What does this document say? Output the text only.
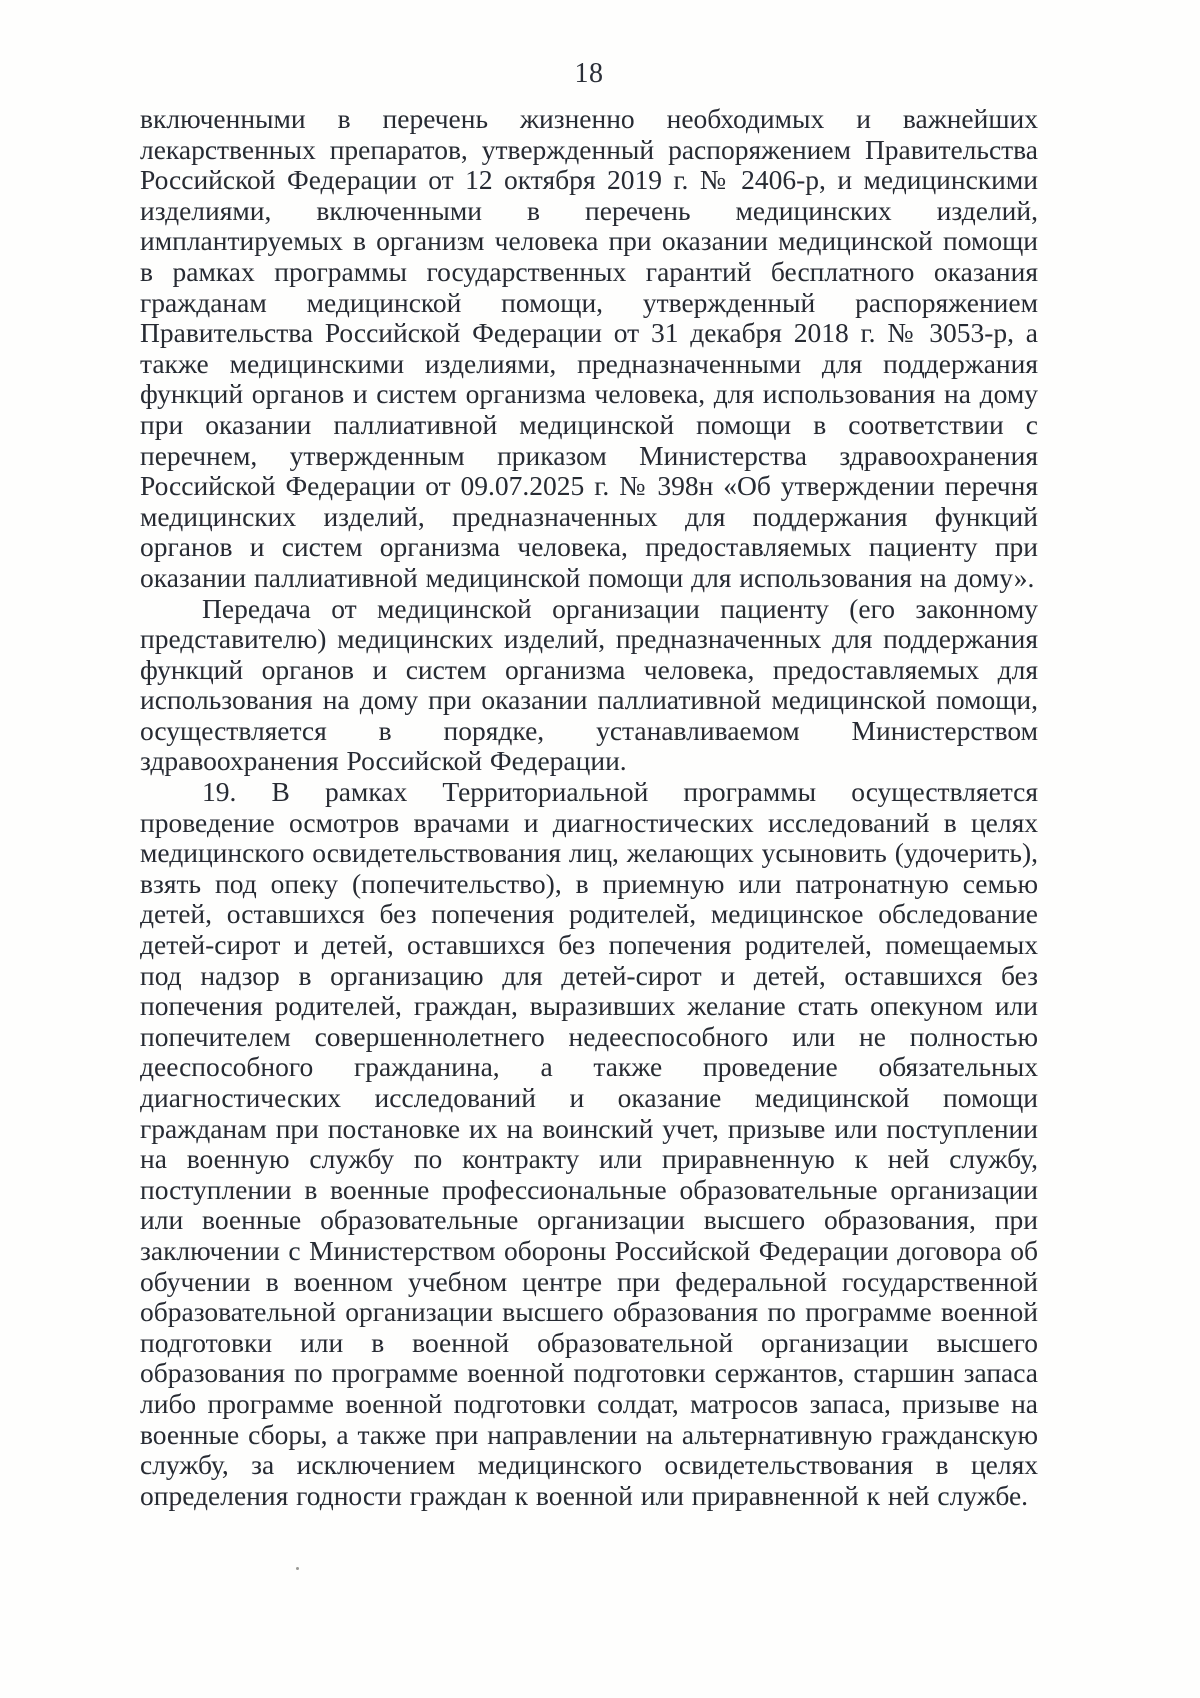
18

включенными в перечень жизненно необходимых и важнейших лекарственных препаратов, утвержденный распоряжением Правительства Российской Федерации от 12 октября 2019 г. № 2406-р, и медицинскими изделиями, включенными в перечень медицинских изделий, имплантируемых в организм человека при оказании медицинской помощи в рамках программы государственных гарантий бесплатного оказания гражданам медицинской помощи, утвержденный распоряжением Правительства Российской Федерации от 31 декабря 2018 г. № 3053-р, а также медицинскими изделиями, предназначенными для поддержания функций органов и систем организма человека, для использования на дому при оказании паллиативной медицинской помощи в соответствии с перечнем, утвержденным приказом Министерства здравоохранения Российской Федерации от 09.07.2025 г. № 398н «Об утверждении перечня медицинских изделий, предназначенных для поддержания функций органов и систем организма человека, предоставляемых пациенту при оказании паллиативной медицинской помощи для использования на дому».

Передача от медицинской организации пациенту (его законному представителю) медицинских изделий, предназначенных для поддержания функций органов и систем организма человека, предоставляемых для использования на дому при оказании паллиативной медицинской помощи, осуществляется в порядке, устанавливаемом Министерством здравоохранения Российской Федерации.

19. В рамках Территориальной программы осуществляется проведение осмотров врачами и диагностических исследований в целях медицинского освидетельствования лиц, желающих усыновить (удочерить), взять под опеку (попечительство), в приемную или патронатную семью детей, оставшихся без попечения родителей, медицинское обследование детей-сирот и детей, оставшихся без попечения родителей, помещаемых под надзор в организацию для детей-сирот и детей, оставшихся без попечения родителей, граждан, выразивших желание стать опекуном или попечителем совершеннолетнего недееспособного или не полностью дееспособного гражданина, а также проведение обязательных диагностических исследований и оказание медицинской помощи гражданам при постановке их на воинский учет, призыве или поступлении на военную службу по контракту или приравненную к ней службу, поступлении в военные профессиональные образовательные организации или военные образовательные организации высшего образования, при заключении с Министерством обороны Российской Федерации договора об обучении в военном учебном центре при федеральной государственной образовательной организации высшего образования по программе военной подготовки или в военной образовательной организации высшего образования по программе военной подготовки сержантов, старшин запаса либо программе военной подготовки солдат, матросов запаса, призыве на военные сборы, а также при направлении на альтернативную гражданскую службу, за исключением медицинского освидетельствования в целях определения годности граждан к военной или приравненной к ней службе.
